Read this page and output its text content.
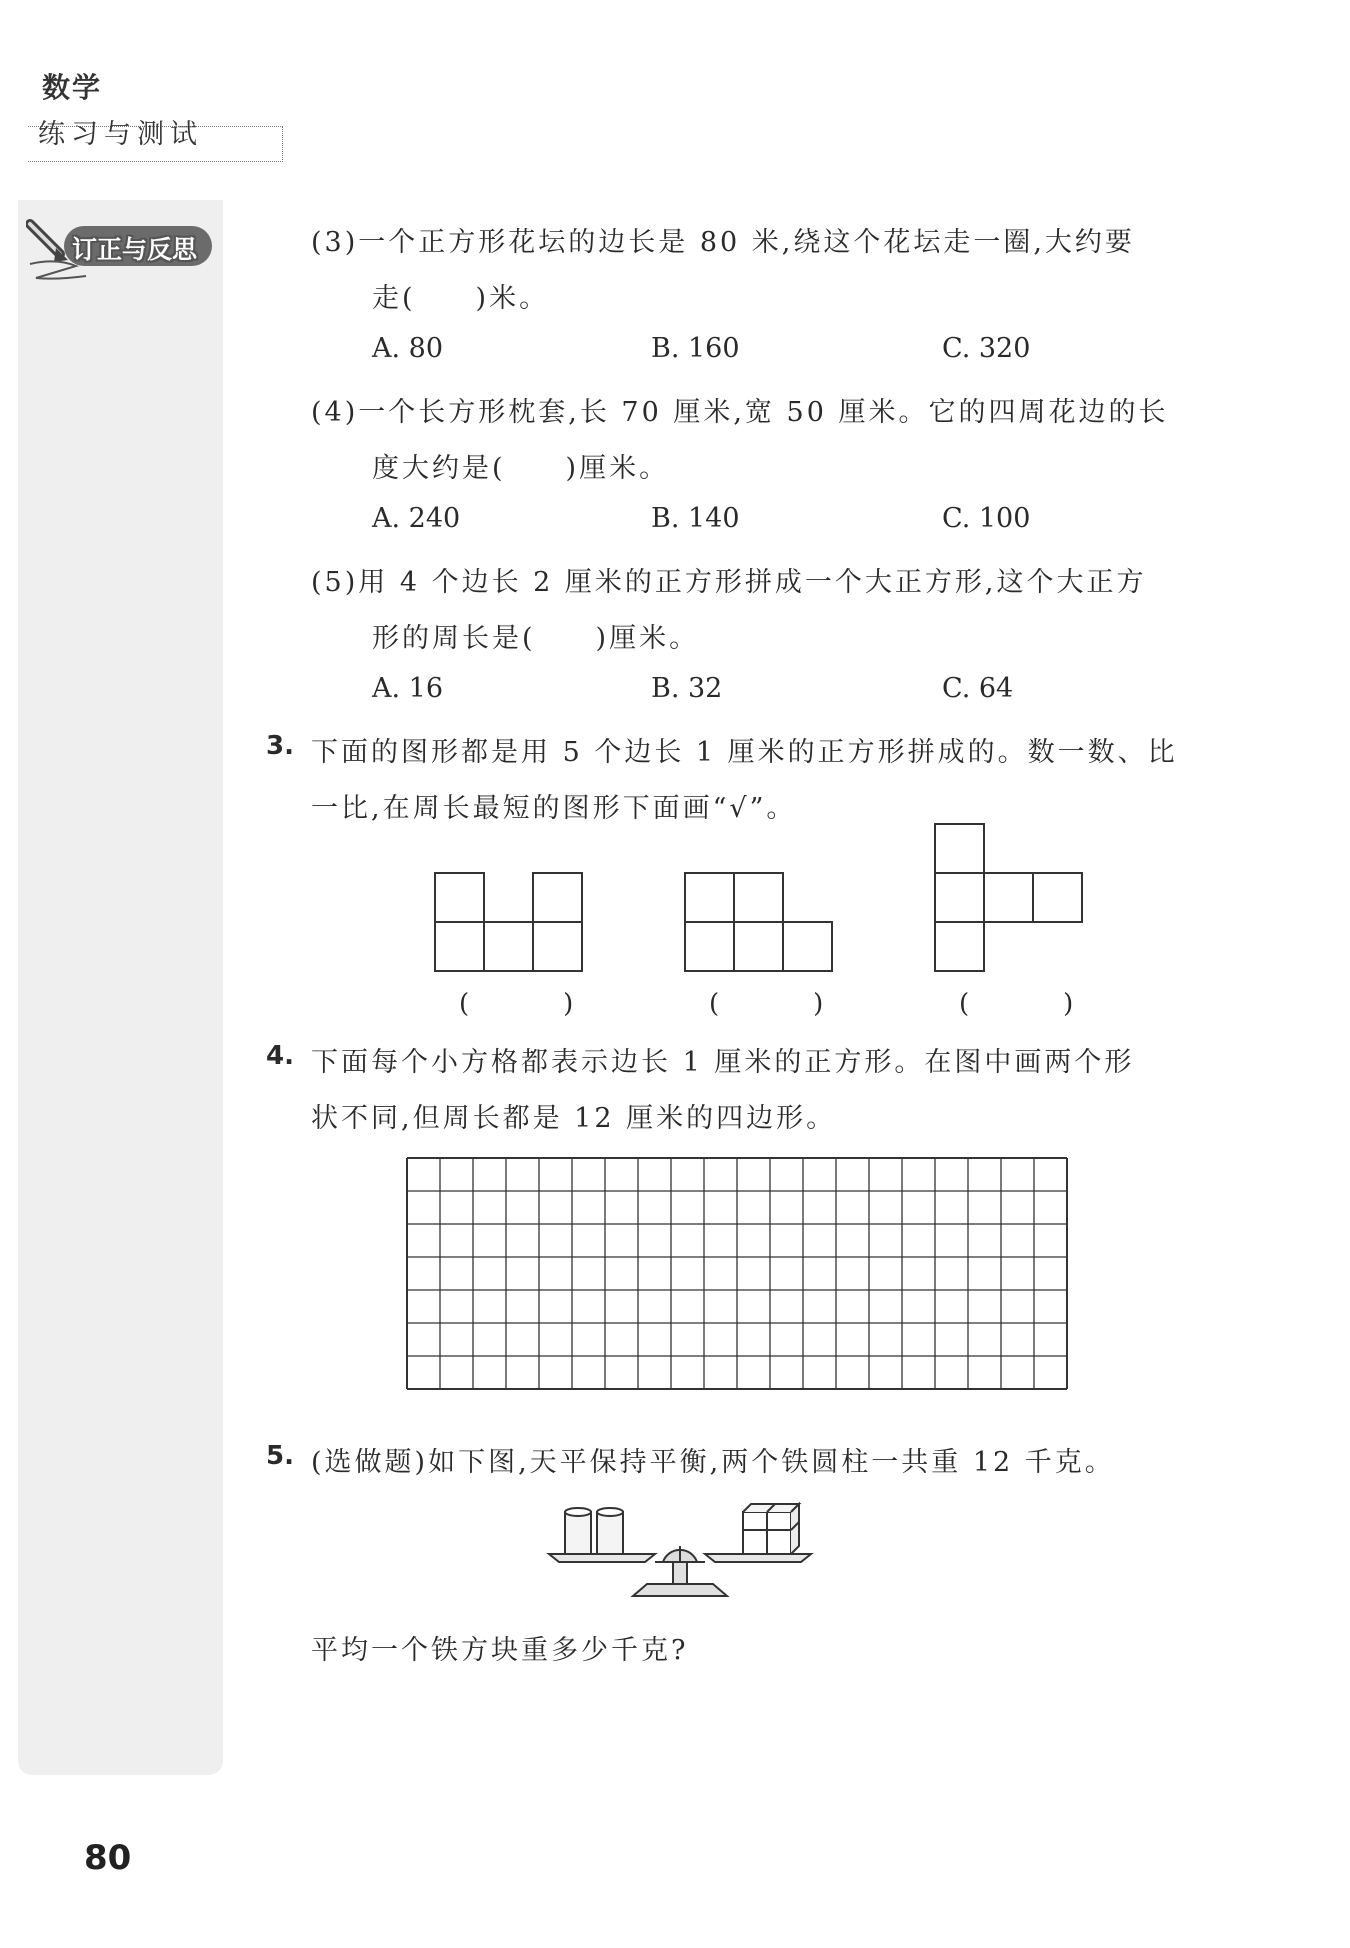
数学
练习与测试
订正与反思	(3)一个正方形花坛的边长是 80 米,绕这个花坛走一圈,大约要
走(　　)米。
A. 80	B. 160	C. 320
(4)一个长方形枕套,长 70 厘米,宽 50 厘米。它的四周花边的长
度大约是(　　)厘米。
A. 240	B. 140	C. 100
(5)用 4 个边长 2 厘米的正方形拼成一个大正方形,这个大正方
形的周长是(　　)厘米。
A. 16	B. 32	C. 64
3. 下面的图形都是用 5 个边长 1 厘米的正方形拼成的。数一数、比
一比,在周长最短的图形下面画“√”。
(　)	(　)	(　)
4. 下面每个小方格都表示边长 1 厘米的正方形。在图中画两个形
状不同,但周长都是 12 厘米的四边形。
5. (选做题)如下图,天平保持平衡,两个铁圆柱一共重 12 千克。
平均一个铁方块重多少千克?
80
